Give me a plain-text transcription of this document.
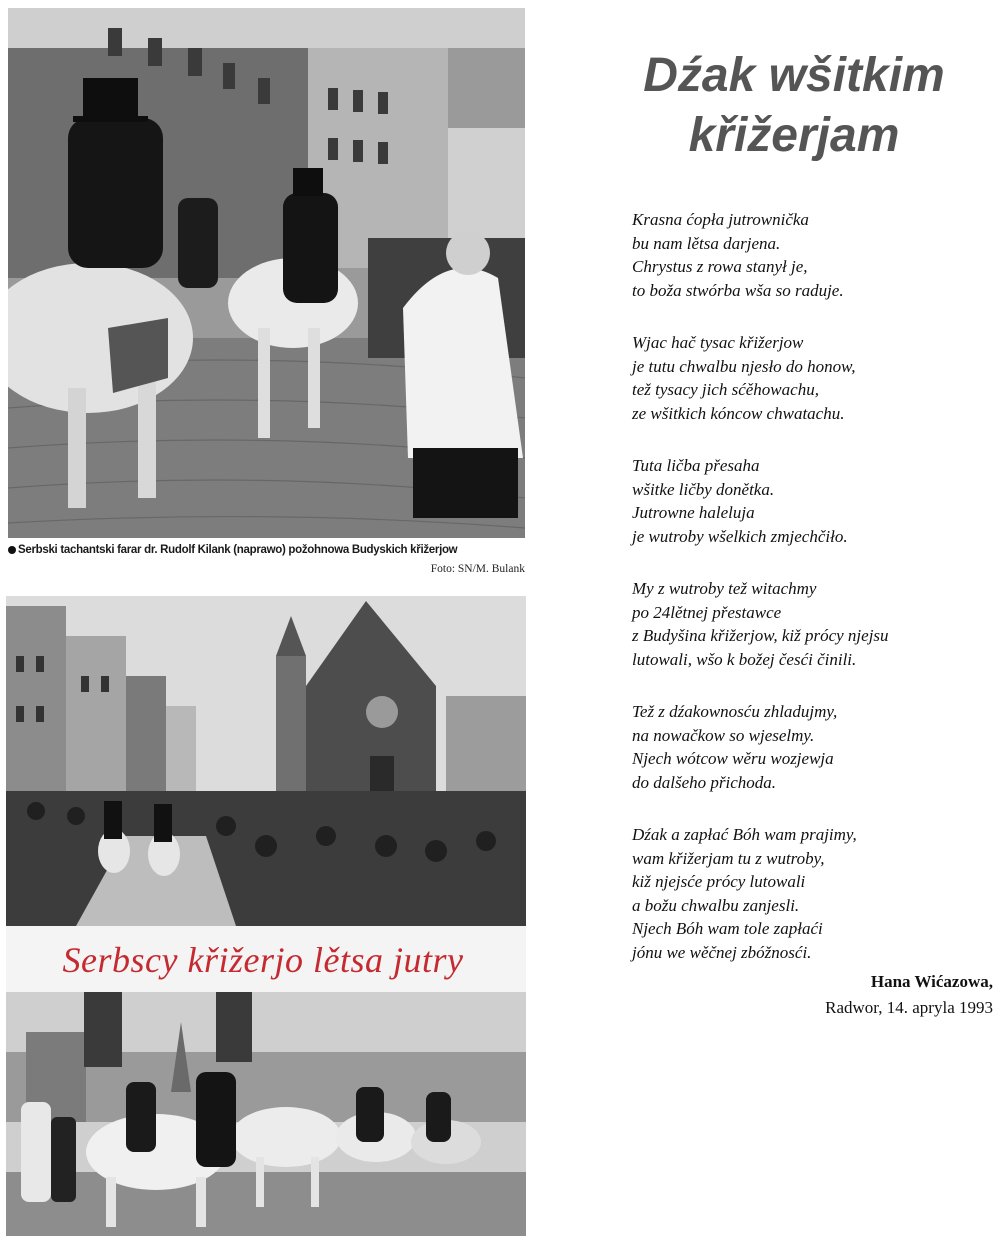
Serbski tachantski farar dr. Rudolf Kilank (naprawo) požohnowa Budyskich křižerjow
Foto: SN/M. Bulank
Serbscy křižerjo lětsa jutry
Dźak wšitkim
křižerjam
Krasna ćopła jutrownička
bu nam lětsa darjena.
Chrystus z rowa stanył je,
to boža stwórba wša so raduje.
Wjac hač tysac křižerjow
je tutu chwalbu njesło do honow,
tež tysacy jich sćěhowachu,
ze wšitkich kóncow chwatachu.
Tuta ličba přesaha
wšitke ličby donětka.
Jutrowne haleluja
je wutroby wšelkich zmjechčiło.
My z wutroby tež witachmy
po 24lětnej přestawce
z Budyšina křižerjow, kiž prócy njejsu
lutowali, wšo k božej česći činili.
Tež z dźakownosću zhladujmy,
na nowačkow so wjeselmy.
Njech wótcow wěru wozjewja
do dalšeho přichoda.
Dźak a zapłać Bóh wam prajimy,
wam křižerjam tu z wutroby,
kiž njejsće prócy lutowali
a božu chwalbu zanjesli.
Njech Bóh wam tole zapłaći
jónu we wěčnej zbóžnosći.
Hana Wićazowa,
Radwor, 14. apryla 1993
